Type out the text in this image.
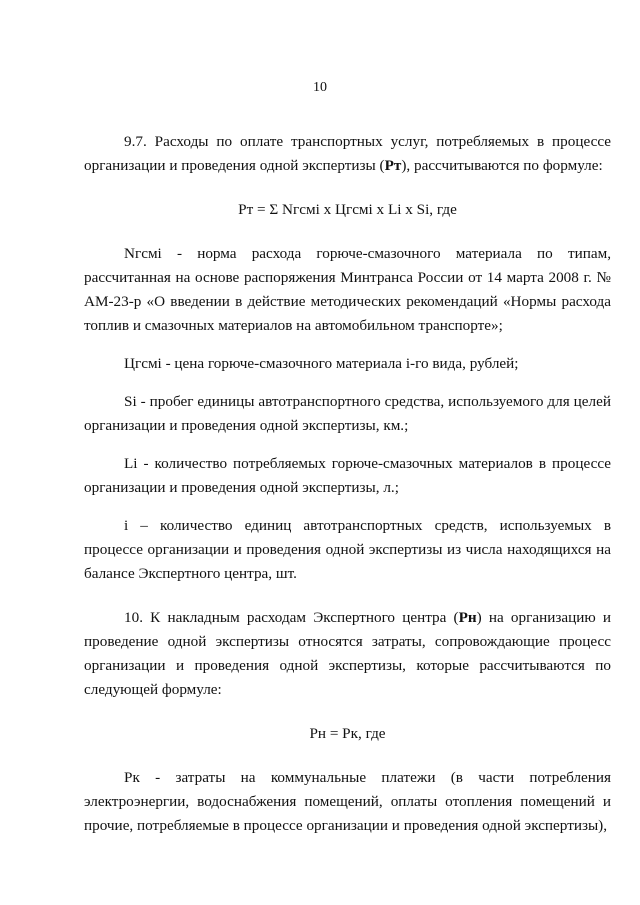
10

9.7. Расходы по оплате транспортных услуг, потребляемых в процессе организации и проведения одной экспертизы (Рт), рассчитываются по формуле:

Рт = Σ Nгсмi х Цгсмi х Li х Si, где

Nгсмi - норма расхода горюче-смазочного материала по типам, рассчитанная на основе распоряжения Минтранса России от 14 марта 2008 г. № АМ-23-р «О введении в действие методических рекомендаций «Нормы расхода топлив и смазочных материалов на автомобильном транспорте»;

Цгсмi - цена горюче-смазочного материала i-го вида, рублей;

Si - пробег единицы автотранспортного средства, используемого для целей организации и проведения одной экспертизы, км.;

Li - количество потребляемых горюче-смазочных материалов в процессе организации и проведения одной экспертизы, л.;

i – количество единиц автотранспортных средств, используемых в процессе организации и проведения одной экспертизы из числа находящихся на балансе Экспертного центра, шт.

10. К накладным расходам Экспертного центра (Рн) на организацию и проведение одной экспертизы относятся затраты, сопровождающие процесс организации и проведения одной экспертизы, которые рассчитываются по следующей формуле:

Рн = Рк, где

Рк - затраты на коммунальные платежи (в части потребления электроэнергии, водоснабжения помещений, оплаты отопления помещений и прочие, потребляемые в процессе организации и проведения одной экспертизы),
